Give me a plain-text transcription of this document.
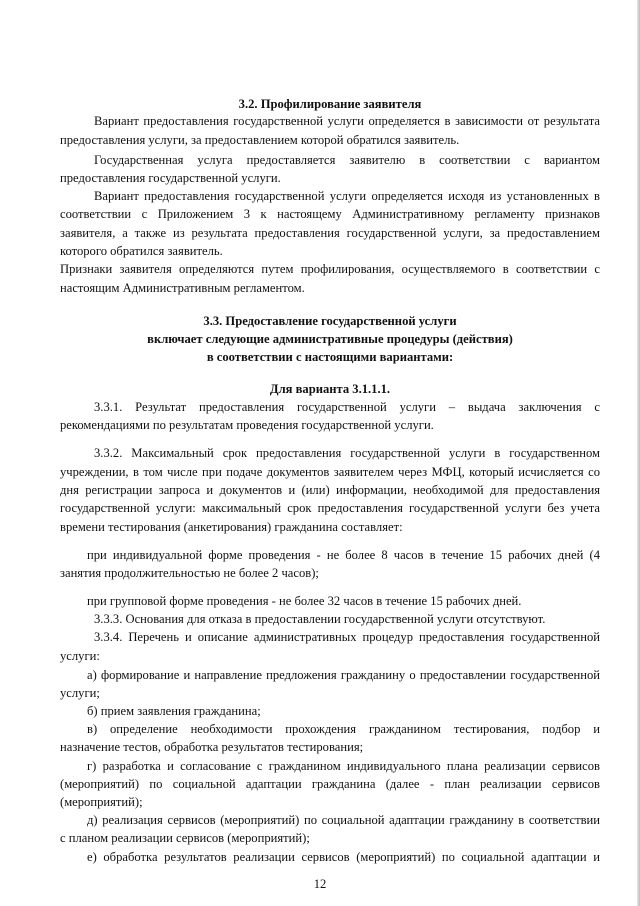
3.2. Профилирование заявителя
Вариант предоставления государственной услуги определяется в зависимости от результата
предоставления услуги, за предоставлением которой обратился заявитель.
Государственная услуга предоставляется заявителю в соответствии с вариантом
предоставления государственной услуги.
Вариант предоставления государственной услуги определяется исходя из установленных в
соответствии с Приложением 3 к настоящему Административному регламенту признаков
заявителя, а также из результата предоставления государственной услуги, за предоставлением
которого обратился заявитель.
Признаки заявителя определяются путем профилирования, осуществляемого в соответствии с
настоящим Административным регламентом.
3.3. Предоставление государственной услуги
включает следующие административные процедуры (действия)
в соответствии с настоящими вариантами:
Для варианта 3.1.1.1.
3.3.1. Результат предоставления государственной услуги – выдача заключения с
рекомендациями по результатам проведения государственной услуги.
3.3.2. Максимальный срок предоставления государственной услуги в государственном
учреждении, в том числе при подаче документов заявителем через МФЦ, который исчисляется со
дня регистрации запроса и документов и (или) информации, необходимой для предоставления
государственной услуги: максимальный срок предоставления государственной услуги без учета
времени тестирования (анкетирования) гражданина составляет:
при индивидуальной форме проведения - не более 8 часов в течение 15 рабочих дней (4
занятия продолжительностью не более 2 часов);
при групповой форме проведения - не более 32 часов в течение 15 рабочих дней.
3.3.3. Основания для отказа в предоставлении государственной услуги отсутствуют.
3.3.4. Перечень и описание административных процедур предоставления государственной
услуги:
а) формирование и направление предложения гражданину о предоставлении государственной
услуги;
б) прием заявления гражданина;
в) определение необходимости прохождения гражданином тестирования, подбор и
назначение тестов, обработка результатов тестирования;
г) разработка и согласование с гражданином индивидуального плана реализации сервисов
(мероприятий) по социальной адаптации гражданина (далее - план реализации сервисов
(мероприятий);
д) реализация сервисов (мероприятий) по социальной адаптации гражданину в соответствии
с планом реализации сервисов (мероприятий);
е) обработка результатов реализации сервисов (мероприятий) по социальной адаптации и
12
